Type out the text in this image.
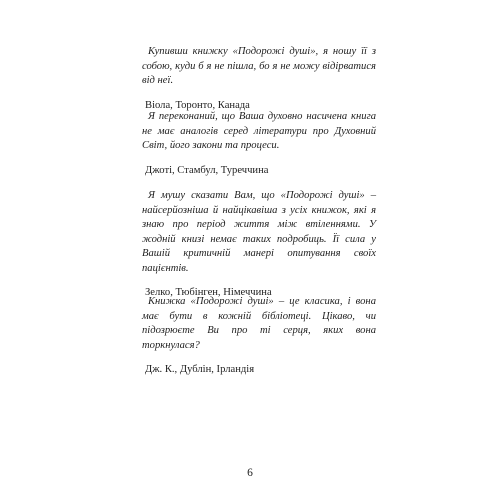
Купивши книжку «Подорожі душі», я ношу її з собою, куди б я не пішла, бо я не можу відірватися від неї.

Віола, Торонто, Канада

Я переконаний, що Ваша духовно насичена книга не має аналогів серед літератури про Духовний Світ, його закони та процеси.

Джоті, Стамбул, Туреччина

Я мушу сказати Вам, що «Подорожі душі» – найсерйозніша й найцікавіша з усіх книжок, які я знаю про період життя між втіленнями. У жодній книзі немає таких подробиць. Її сила у Вашій критичній манері опитування своїх пацієнтів.

Зелко, Тюбінген, Німеччина

Книжка «Подорожі душі» – це класика, і вона має бути в кожній бібліотеці. Цікаво, чи підозрюєте Ви про ті серця, яких вона торкнулася?

Дж. К., Дублін, Ірландія

6
